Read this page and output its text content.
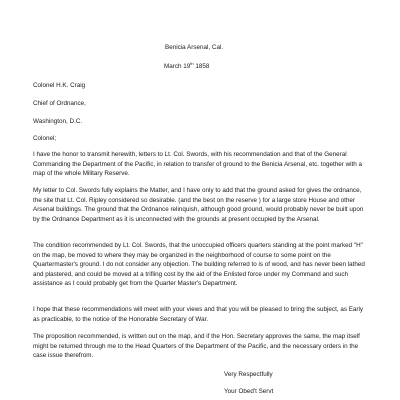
Benicia Arsenal, Cal.
March 19th 1858
Colonel H.K. Craig
Chief of Ordnance,
Washington, D.C.
Colonel;

I have the honor to transmit herewith, letters to Lt. Col. Swords, with his recommendation and that of the General Commanding the Department of the Pacific, in relation to transfer of ground to the Benicia Arsenal, etc. together with a map of the whole Military Reserve.

My letter to Col. Swords fully explains the Matter, and I have only to add that the ground asked for gives the ordnance, the site that Lt. Col. Ripley considered so desirable. (and the best on the reserve ) for a large store House and other Arsenal buildings. The ground that the Ordnance relinquish, although good ground, would probably never be built upon by the Ordnance Department as it is unconnected with the grounds at present occupied by the Arsenal.

The condition recommended by Lt. Col. Swords, that the unoccupied officers quarters standing at the point marked "H" on the map, be moved to where they may be organized in the neighborhood of course to some point on the Quartermaster's ground. I do not consider any objection. The building referred to is of wood, and has never been lathed and plastered, and could be moved at a trifling cost by the aid of the Enlisted force under my Command and such assistance as I could probably get from the Quarter Master's Department.

I hope that these recommendations will meet with your views and that you will be pleased to bring the subject, as Early as practicable, to the notice of the Honorable Secretary of War.

The proposition recommended, is written out on the map, and if the Hon. Secretary approves the same, the map itself might be returned through me to the Head Quarters of the Department of the Pacific, and the necessary orders in the case issue therefrom.

Very Respectfully
Your Obed't Servt
